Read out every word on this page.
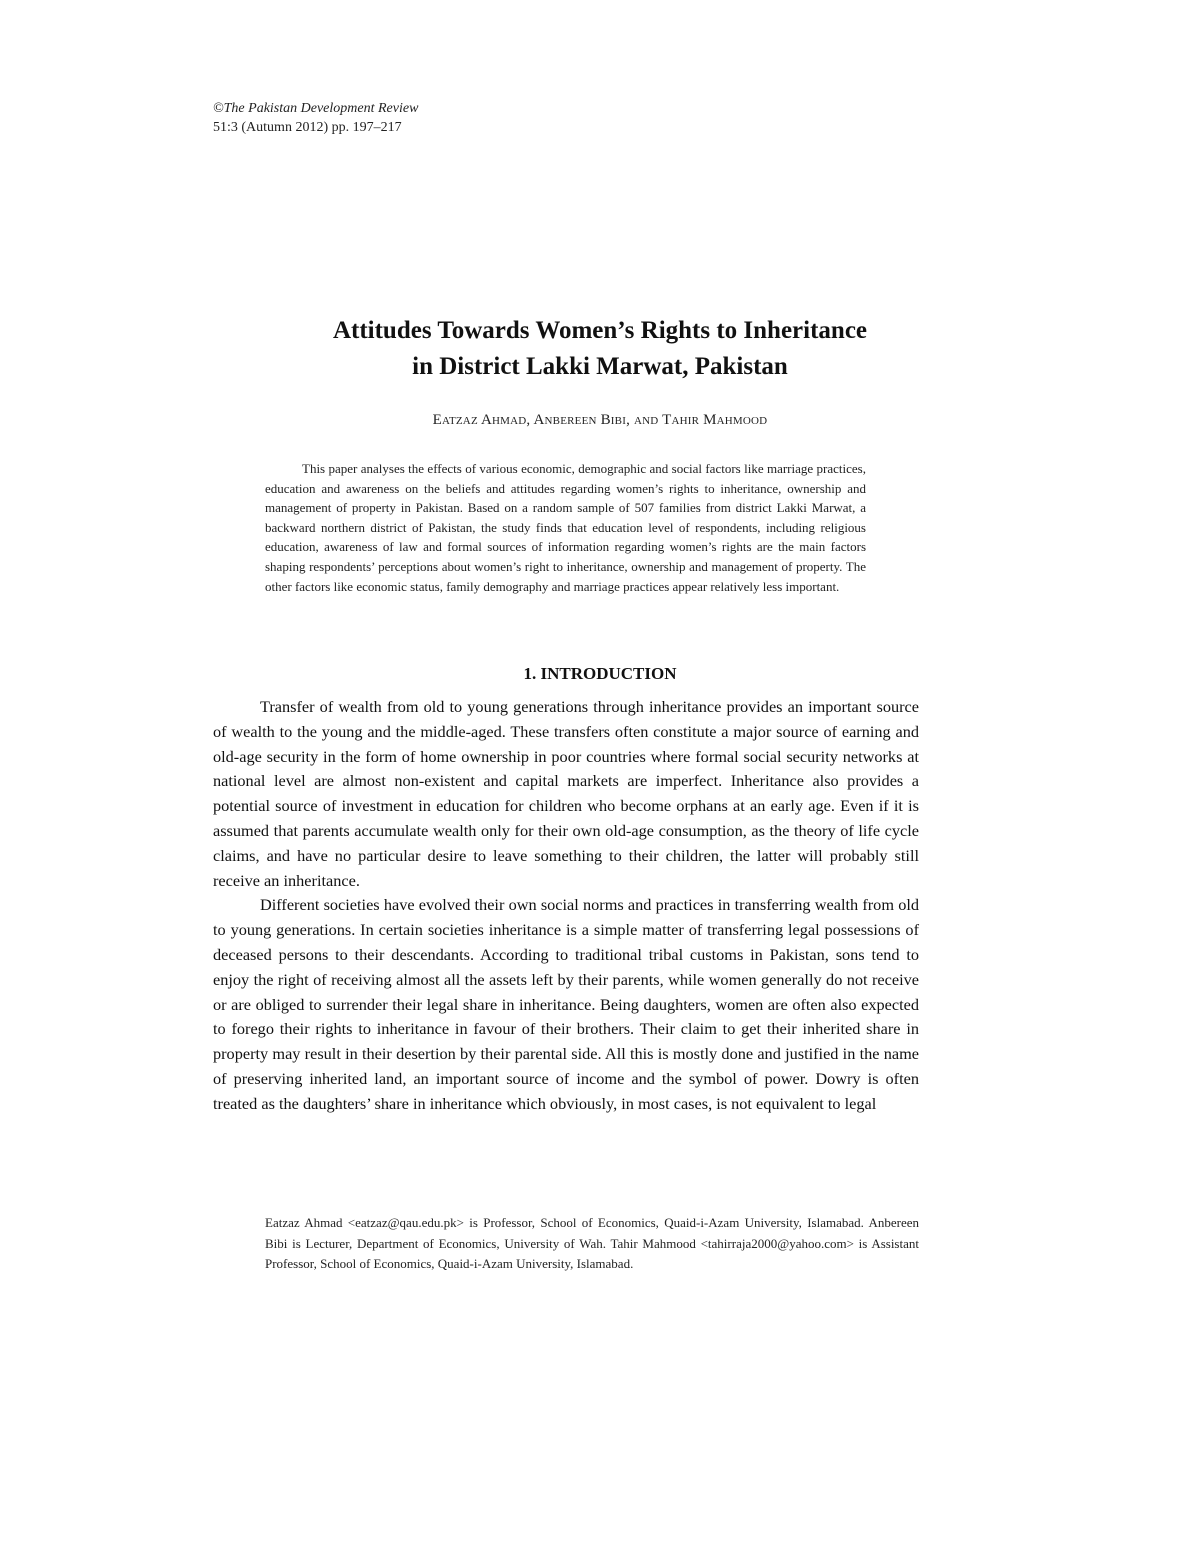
©The Pakistan Development Review
51:3 (Autumn 2012) pp. 197–217
Attitudes Towards Women’s Rights to Inheritance
in District Lakki Marwat, Pakistan
Eatzaz Ahmad, Anbereen Bibi, and Tahir Mahmood

This paper analyses the effects of various economic, demographic and social factors like marriage practices, education and awareness on the beliefs and attitudes regarding women’s rights to inheritance, ownership and management of property in Pakistan. Based on a random sample of 507 families from district Lakki Marwat, a backward northern district of Pakistan, the study finds that education level of respondents, including religious education, awareness of law and formal sources of information regarding women’s rights are the main factors shaping respondents’ perceptions about women’s right to inheritance, ownership and management of property. The other factors like economic status, family demography and marriage practices appear relatively less important.

1. INTRODUCTION

Transfer of wealth from old to young generations through inheritance provides an important source of wealth to the young and the middle-aged. These transfers often constitute a major source of earning and old-age security in the form of home ownership in poor countries where formal social security networks at national level are almost non-existent and capital markets are imperfect. Inheritance also provides a potential source of investment in education for children who become orphans at an early age. Even if it is assumed that parents accumulate wealth only for their own old-age consumption, as the theory of life cycle claims, and have no particular desire to leave something to their children, the latter will probably still receive an inheritance.

Different societies have evolved their own social norms and practices in transferring wealth from old to young generations. In certain societies inheritance is a simple matter of transferring legal possessions of deceased persons to their descendants. According to traditional tribal customs in Pakistan, sons tend to enjoy the right of receiving almost all the assets left by their parents, while women generally do not receive or are obliged to surrender their legal share in inheritance. Being daughters, women are often also expected to forego their rights to inheritance in favour of their brothers. Their claim to get their inherited share in property may result in their desertion by their parental side. All this is mostly done and justified in the name of preserving inherited land, an important source of income and the symbol of power. Dowry is often treated as the daughters’ share in inheritance which obviously, in most cases, is not equivalent to legal

Eatzaz Ahmad <eatzaz@qau.edu.pk> is Professor, School of Economics, Quaid-i-Azam University, Islamabad. Anbereen Bibi is Lecturer, Department of Economics, University of Wah. Tahir Mahmood <tahirraja2000@yahoo.com> is Assistant Professor, School of Economics, Quaid-i-Azam University, Islamabad.
